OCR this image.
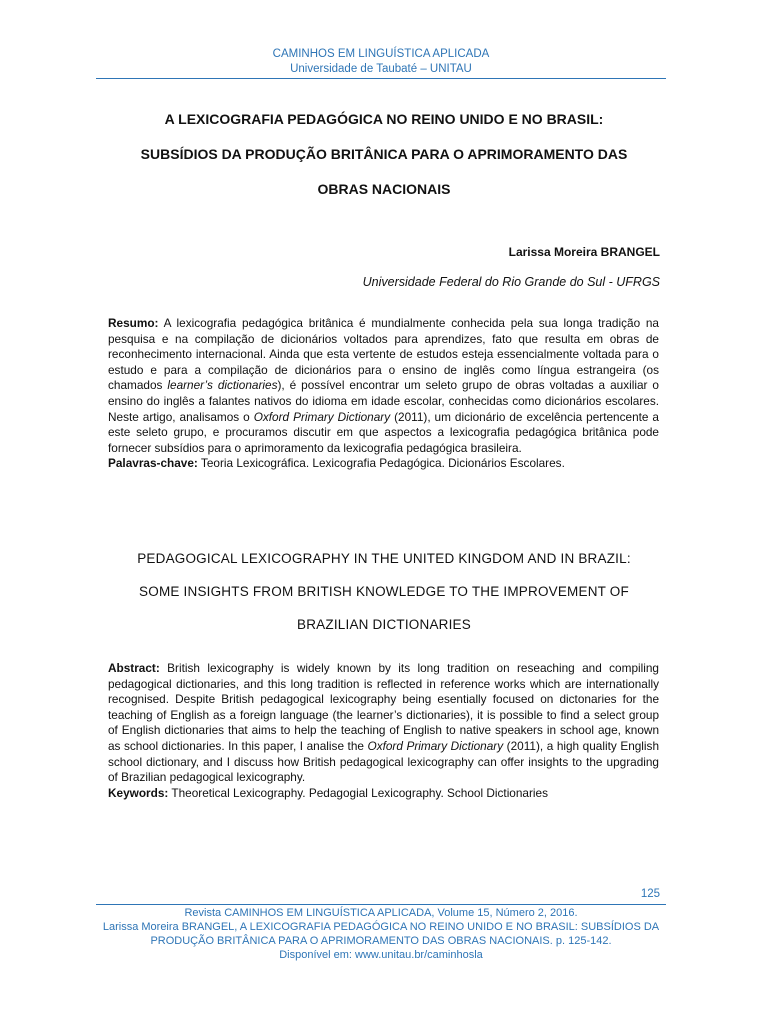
CAMINHOS EM LINGUÍSTICA APLICADA
Universidade de Taubaté – UNITAU
A LEXICOGRAFIA PEDAGÓGICA NO REINO UNIDO E NO BRASIL:
SUBSÍDIOS DA PRODUÇÃO BRITÂNICA PARA O APRIMORAMENTO DAS
OBRAS NACIONAIS
Larissa Moreira BRANGEL
Universidade Federal do Rio Grande do Sul - UFRGS

Resumo: A lexicografia pedagógica britânica é mundialmente conhecida pela sua longa tradição na pesquisa e na compilação de dicionários voltados para aprendizes, fato que resulta em obras de reconhecimento internacional. Ainda que esta vertente de estudos esteja essencialmente voltada para o estudo e para a compilação de dicionários para o ensino de inglês como língua estrangeira (os chamados learner’s dictionaries), é possível encontrar um seleto grupo de obras voltadas a auxiliar o ensino do inglês a falantes nativos do idioma em idade escolar, conhecidas como dicionários escolares. Neste artigo, analisamos o Oxford Primary Dictionary (2011), um dicionário de excelência pertencente a este seleto grupo, e procuramos discutir em que aspectos a lexicografia pedagógica britânica pode fornecer subsídios para o aprimoramento da lexicografia pedagógica brasileira.

Palavras-chave: Teoria Lexicográfica. Lexicografia Pedagógica. Dicionários Escolares.

PEDAGOGICAL LEXICOGRAPHY IN THE UNITED KINGDOM AND IN BRAZIL:
SOME INSIGHTS FROM BRITISH KNOWLEDGE TO THE IMPROVEMENT OF
BRAZILIAN DICTIONARIES

Abstract: British lexicography is widely known by its long tradition on reseaching and compiling pedagogical dictionaries, and this long tradition is reflected in reference works which are internationally recognised. Despite British pedagogical lexicography being esentially focused on dictonaries for the teaching of English as a foreign language (the learner’s dictionaries), it is possible to find a select group of English dictionaries that aims to help the teaching of English to native speakers in school age, known as school dictionaries. In this paper, I analise the Oxford Primary Dictionary (2011), a high quality English school dictionary, and I discuss how British pedagogical lexicography can offer insights to the upgrading of Brazilian pedagogical lexicography.

Keywords: Theoretical Lexicography. Pedagogial Lexicography. School Dictionaries

125
Revista CAMINHOS EM LINGUÍSTICA APLICADA, Volume 15, Número 2, 2016.
Larissa Moreira BRANGEL, A LEXICOGRAFIA PEDAGÓGICA NO REINO UNIDO E NO BRASIL: SUBSÍDIOS DA
PRODUÇÃO BRITÂNICA PARA O APRIMORAMENTO DAS OBRAS NACIONAIS. p. 125-142.
Disponível em: www.unitau.br/caminhosla
